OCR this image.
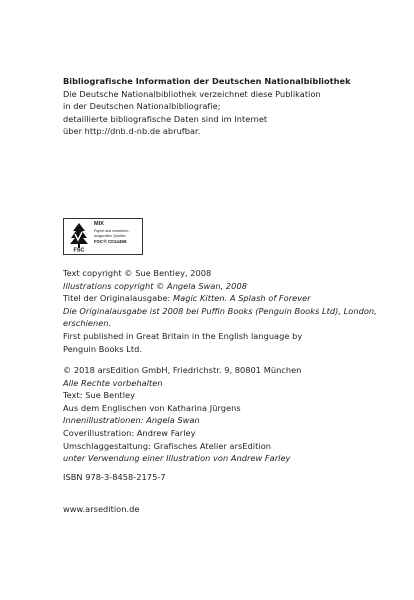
Bibliografische Information der Deutschen Nationalbibliothek
Die Deutsche Nationalbibliothek verzeichnet diese Publikation
in der Deutschen Nationalbibliografie;
detaillierte bibliografische Daten sind im Internet
über http://dnb.d-nb.de abrufbar.
FSC
MIX
Papier aus verantwor-
tungsvollen Quellen
FSC® C014496
Text copyright © Sue Bentley, 2008
Illustrations copyright © Angela Swan, 2008
Titel der Originalausgabe: Magic Kitten. A Splash of Forever
Die Originalausgabe ist 2008 bei Puffin Books (Penguin Books Ltd), London,
erschienen.
First published in Great Britain in the English language by
Penguin Books Ltd.
© 2018 arsEdition GmbH, Friedrichstr. 9, 80801 München
Alle Rechte vorbehalten
Text: Sue Bentley
Aus dem Englischen von Katharina Jürgens
Innenillustrationen: Angela Swan
Coverillustration: Andrew Farley
Umschlaggestaltung: Grafisches Atelier arsEdition
unter Verwendung einer Illustration von Andrew Farley
ISBN 978-3-8458-2175-7
www.arsedition.de
